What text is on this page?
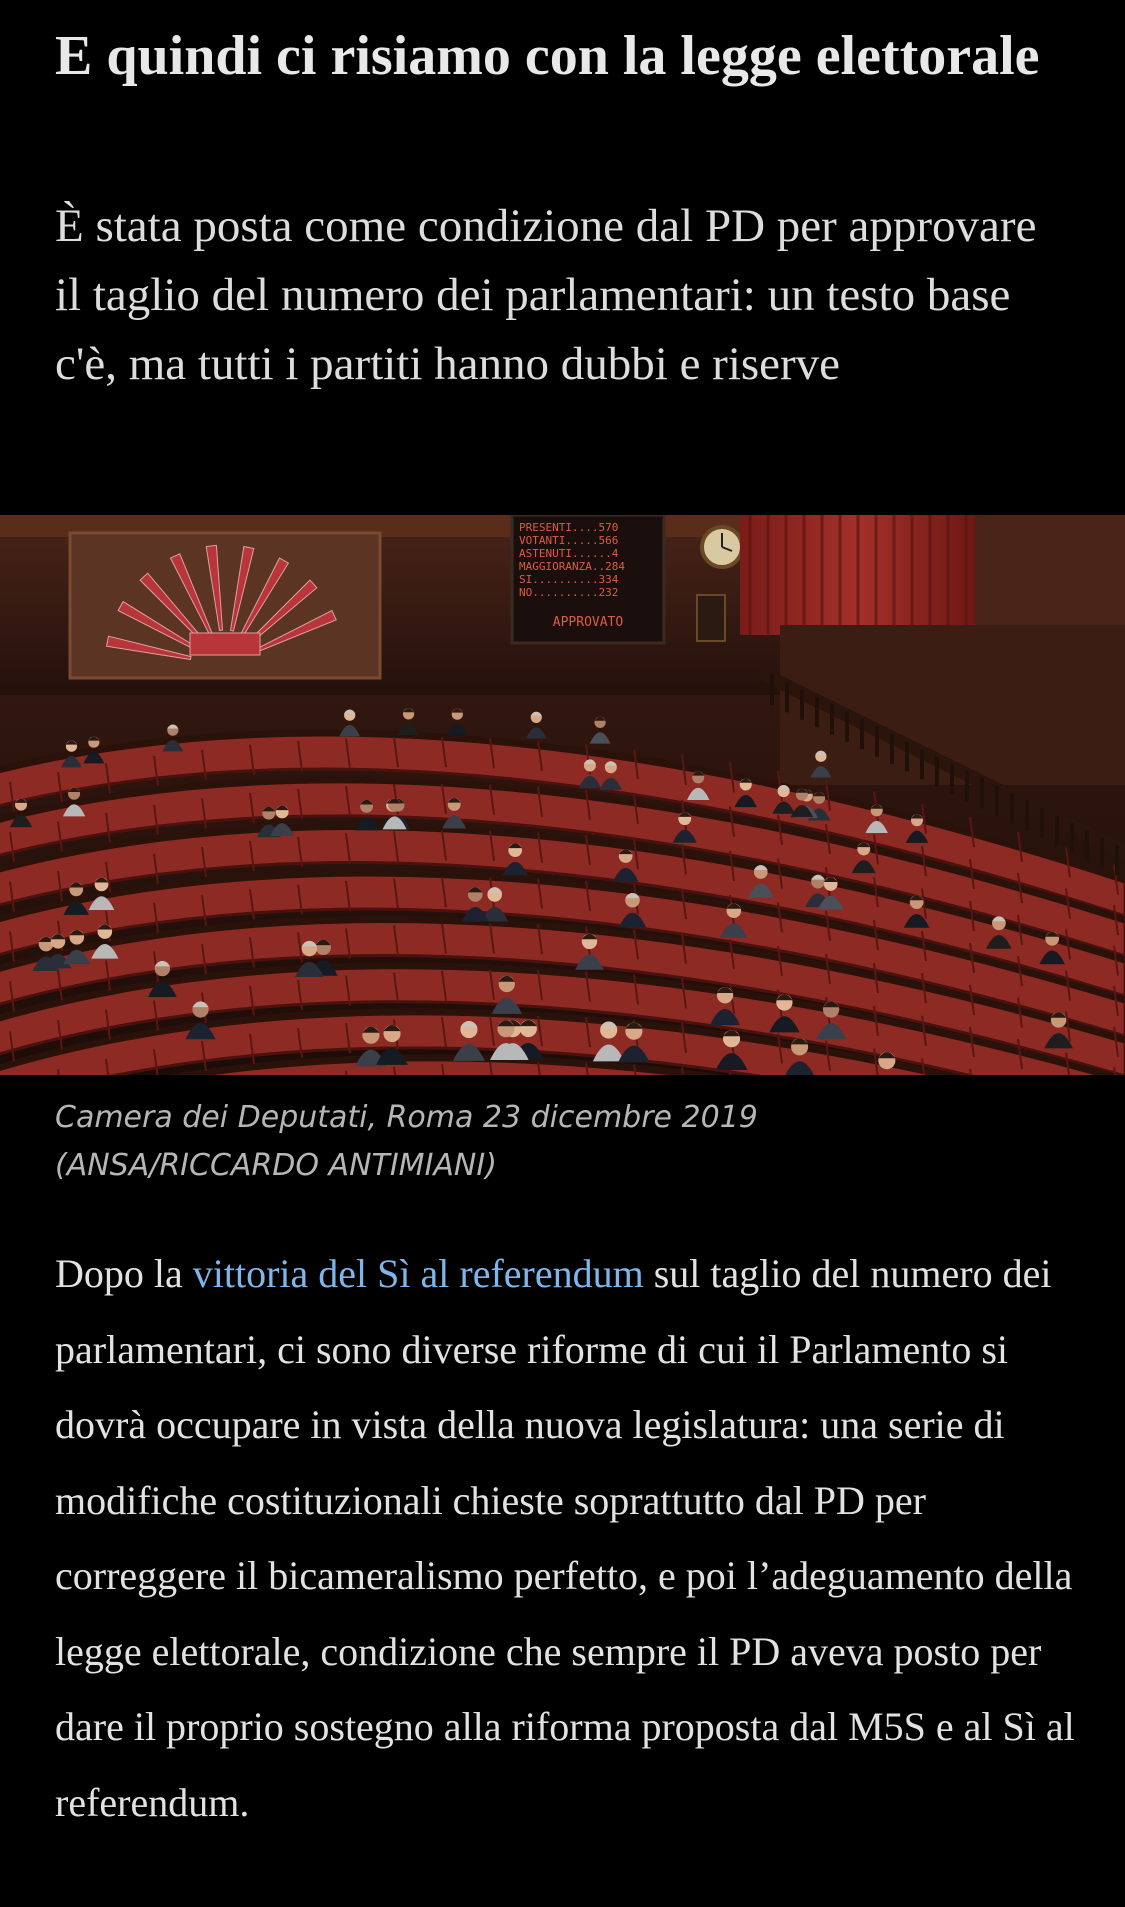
E quindi ci risiamo con la legge elettorale

È stata posta come condizione dal PD per approvare il taglio del numero dei parlamentari: un testo base c'è, ma tutti i partiti hanno dubbi e riserve

PRESENTI....570
VOTANTI.....566
ASTENUTI......4
MAGGIORANZA..284
SI..........334
NO..........232
APPROVATO

Camera dei Deputati, Roma 23 dicembre 2019
(ANSA/RICCARDO ANTIMIANI)

Dopo la vittoria del Sì al referendum sul taglio del numero dei parlamentari, ci sono diverse riforme di cui il Parlamento si dovrà occupare in vista della nuova legislatura: una serie di modifiche costituzionali chieste soprattutto dal PD per correggere il bicameralismo perfetto, e poi l’adeguamento della legge elettorale, condizione che sempre il PD aveva posto per dare il proprio sostegno alla riforma proposta dal M5S e al Sì al referendum.
